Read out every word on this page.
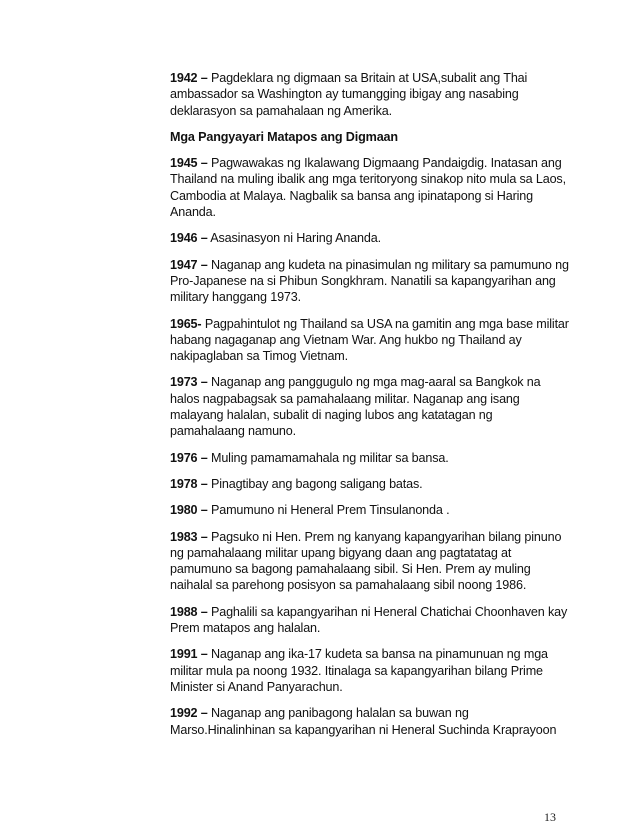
1942 – Pagdeklara ng digmaan sa Britain at USA,subalit ang Thai ambassador sa Washington ay tumangging ibigay ang nasabing deklarasyon sa pamahalaan ng Amerika.

Mga Pangyayari Matapos ang Digmaan

1945 – Pagwawakas ng Ikalawang Digmaang Pandaigdig. Inatasan ang Thailand na muling ibalik ang mga teritoryong sinakop nito mula sa Laos, Cambodia at Malaya. Nagbalik sa bansa ang ipinatapong si Haring Ananda.

1946 – Asasinasyon ni Haring Ananda.

1947 – Naganap ang kudeta na pinasimulan ng military sa pamumuno ng Pro-Japanese na si Phibun Songkhram. Nanatili sa kapangyarihan ang military hanggang 1973.

1965- Pagpahintulot ng Thailand sa USA na gamitin ang mga base militar habang nagaganap ang Vietnam War. Ang hukbo ng Thailand ay nakipaglaban sa Timog Vietnam.

1973 – Naganap ang panggugulo ng mga mag-aaral sa Bangkok na halos nagpabagsak sa pamahalaang militar. Naganap ang isang malayang halalan, subalit di naging lubos ang katatagan ng pamahalaang namuno.

1976 – Muling pamamamahala ng militar sa bansa.

1978 – Pinagtibay ang bagong saligang batas.

1980 – Pamumuno ni Heneral Prem Tinsulanonda .

1983 – Pagsuko ni Hen. Prem ng kanyang kapangyarihan bilang pinuno ng pamahalaang militar upang bigyang daan ang pagtatatag at pamumuno sa bagong pamahalaang sibil. Si Hen. Prem ay muling naihalal sa parehong posisyon sa pamahalaang sibil noong 1986.

1988 – Paghalili sa kapangyarihan ni Heneral Chatichai Choonhaven kay Prem matapos ang halalan.

1991 – Naganap ang ika-17 kudeta sa bansa na pinamunuan ng mga militar mula pa noong 1932. Itinalaga sa kapangyarihan bilang Prime Minister si Anand Panyarachun.

1992 – Naganap ang panibagong halalan sa buwan ng Marso.Hinalinhinan sa kapangyarihan ni Heneral Suchinda Kraprayoon

13
